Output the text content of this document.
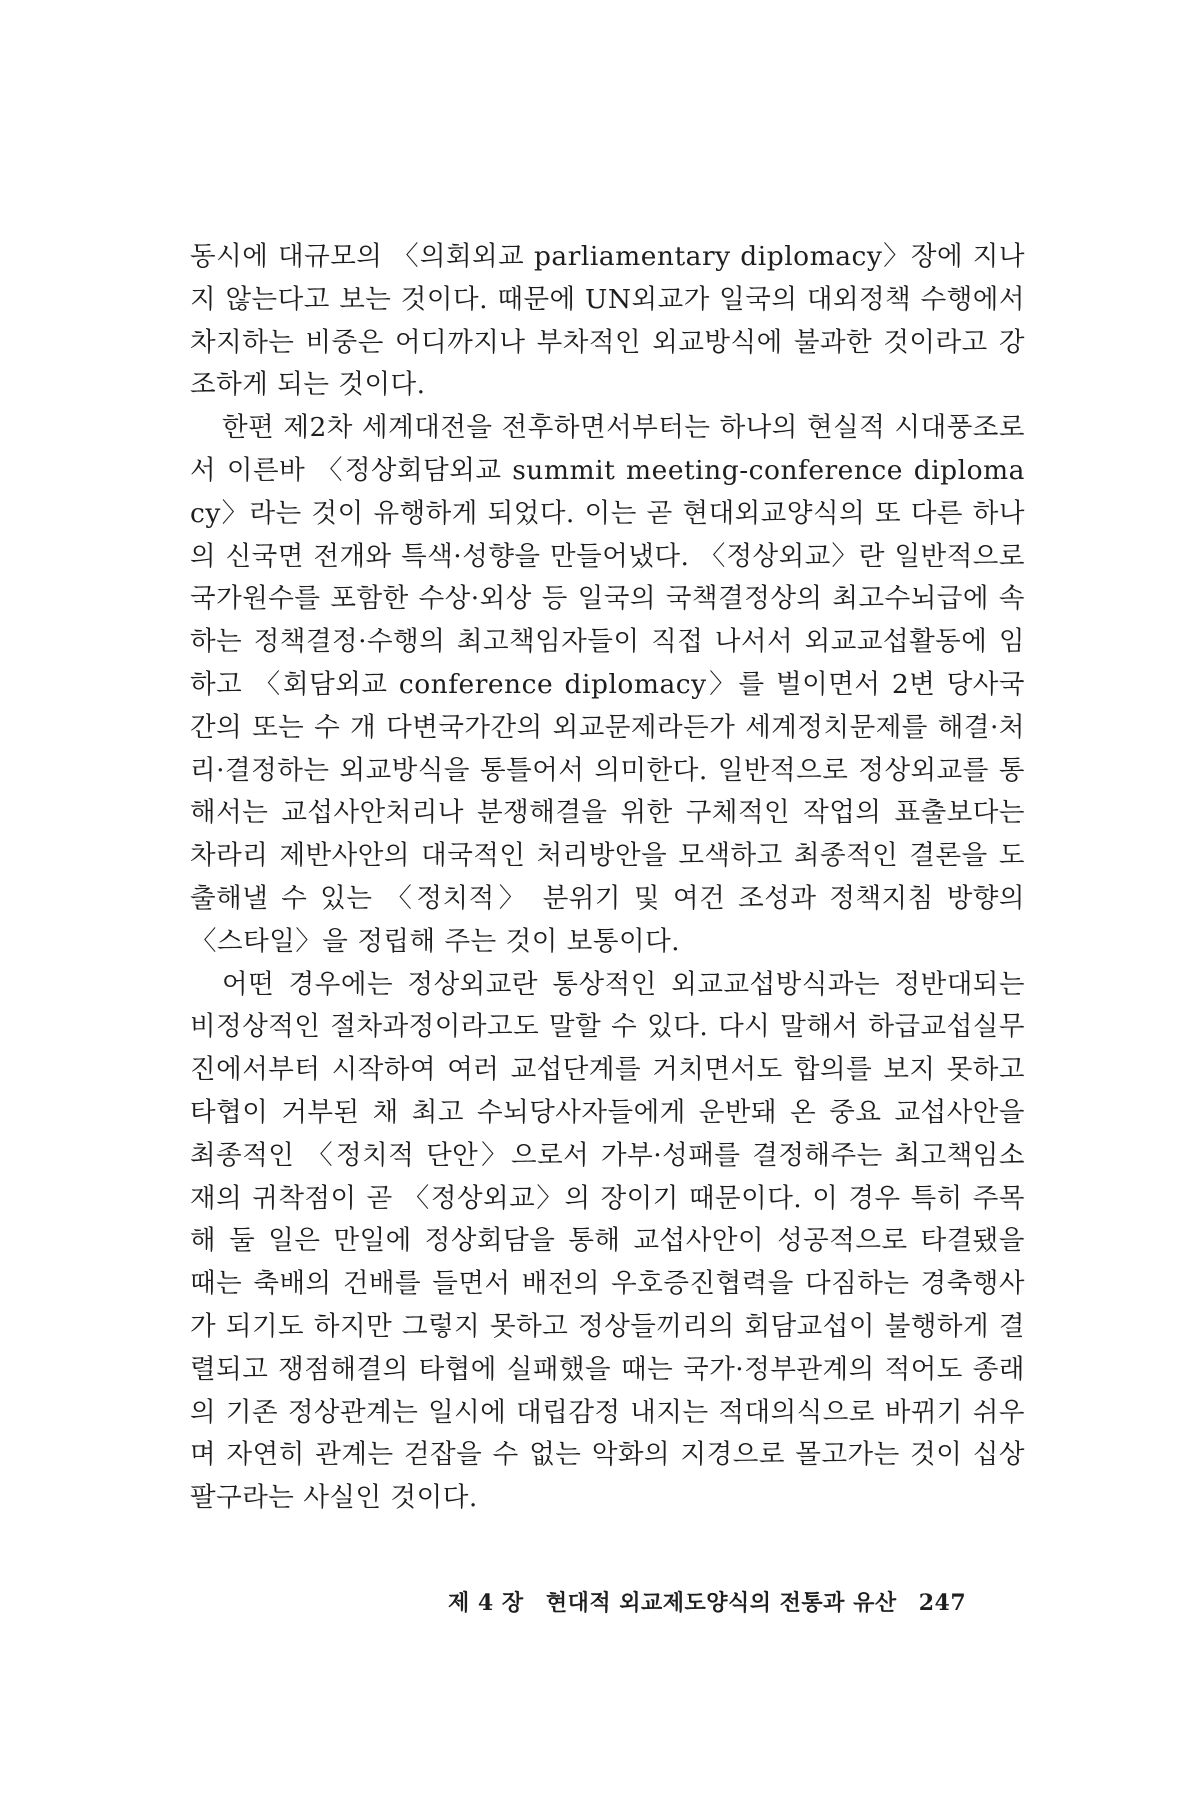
동시에 대규모의 〈의회외교 parliamentary diplomacy〉장에 지나지 않는다고 보는 것이다. 때문에 UN외교가 일국의 대외정책 수행에서 차지하는 비중은 어디까지나 부차적인 외교방식에 불과한 것이라고 강조하게 되는 것이다.

한편 제2차 세계대전을 전후하면서부터는 하나의 현실적 시대풍조로서 이른바 〈정상회담외교 summit meeting-conference diplomacy〉라는 것이 유행하게 되었다. 이는 곧 현대외교양식의 또 다른 하나의 신국면 전개와 특색·성향을 만들어냈다. 〈정상외교〉란 일반적으로 국가원수를 포함한 수상·외상 등 일국의 국책결정상의 최고수뇌급에 속하는 정책결정·수행의 최고책임자들이 직접 나서서 외교교섭활동에 임하고 〈회담외교 conference diplomacy〉를 벌이면서 2변 당사국간의 또는 수 개 다변국가간의 외교문제라든가 세계정치문제를 해결·처리·결정하는 외교방식을 통틀어서 의미한다. 일반적으로 정상외교를 통해서는 교섭사안처리나 분쟁해결을 위한 구체적인 작업의 표출보다는 차라리 제반사안의 대국적인 처리방안을 모색하고 최종적인 결론을 도출해낼 수 있는 〈정치적〉 분위기 및 여건 조성과 정책지침 방향의 〈스타일〉을 정립해 주는 것이 보통이다.

어떤 경우에는 정상외교란 통상적인 외교교섭방식과는 정반대되는 비정상적인 절차과정이라고도 말할 수 있다. 다시 말해서 하급교섭실무진에서부터 시작하여 여러 교섭단계를 거치면서도 합의를 보지 못하고 타협이 거부된 채 최고 수뇌당사자들에게 운반돼 온 중요 교섭사안을 최종적인 〈정치적 단안〉으로서 가부·성패를 결정해주는 최고책임소재의 귀착점이 곧 〈정상외교〉의 장이기 때문이다. 이 경우 특히 주목해 둘 일은 만일에 정상회담을 통해 교섭사안이 성공적으로 타결됐을 때는 축배의 건배를 들면서 배전의 우호증진협력을 다짐하는 경축행사가 되기도 하지만 그렇지 못하고 정상들끼리의 회담교섭이 불행하게 결렬되고 쟁점해결의 타협에 실패했을 때는 국가·정부관계의 적어도 종래의 기존 정상관계는 일시에 대립감정 내지는 적대의식으로 바뀌기 쉬우며 자연히 관계는 걷잡을 수 없는 악화의 지경으로 몰고가는 것이 십상팔구라는 사실인 것이다.

제 4 장 현대적 외교제도양식의 전통과 유산 247
